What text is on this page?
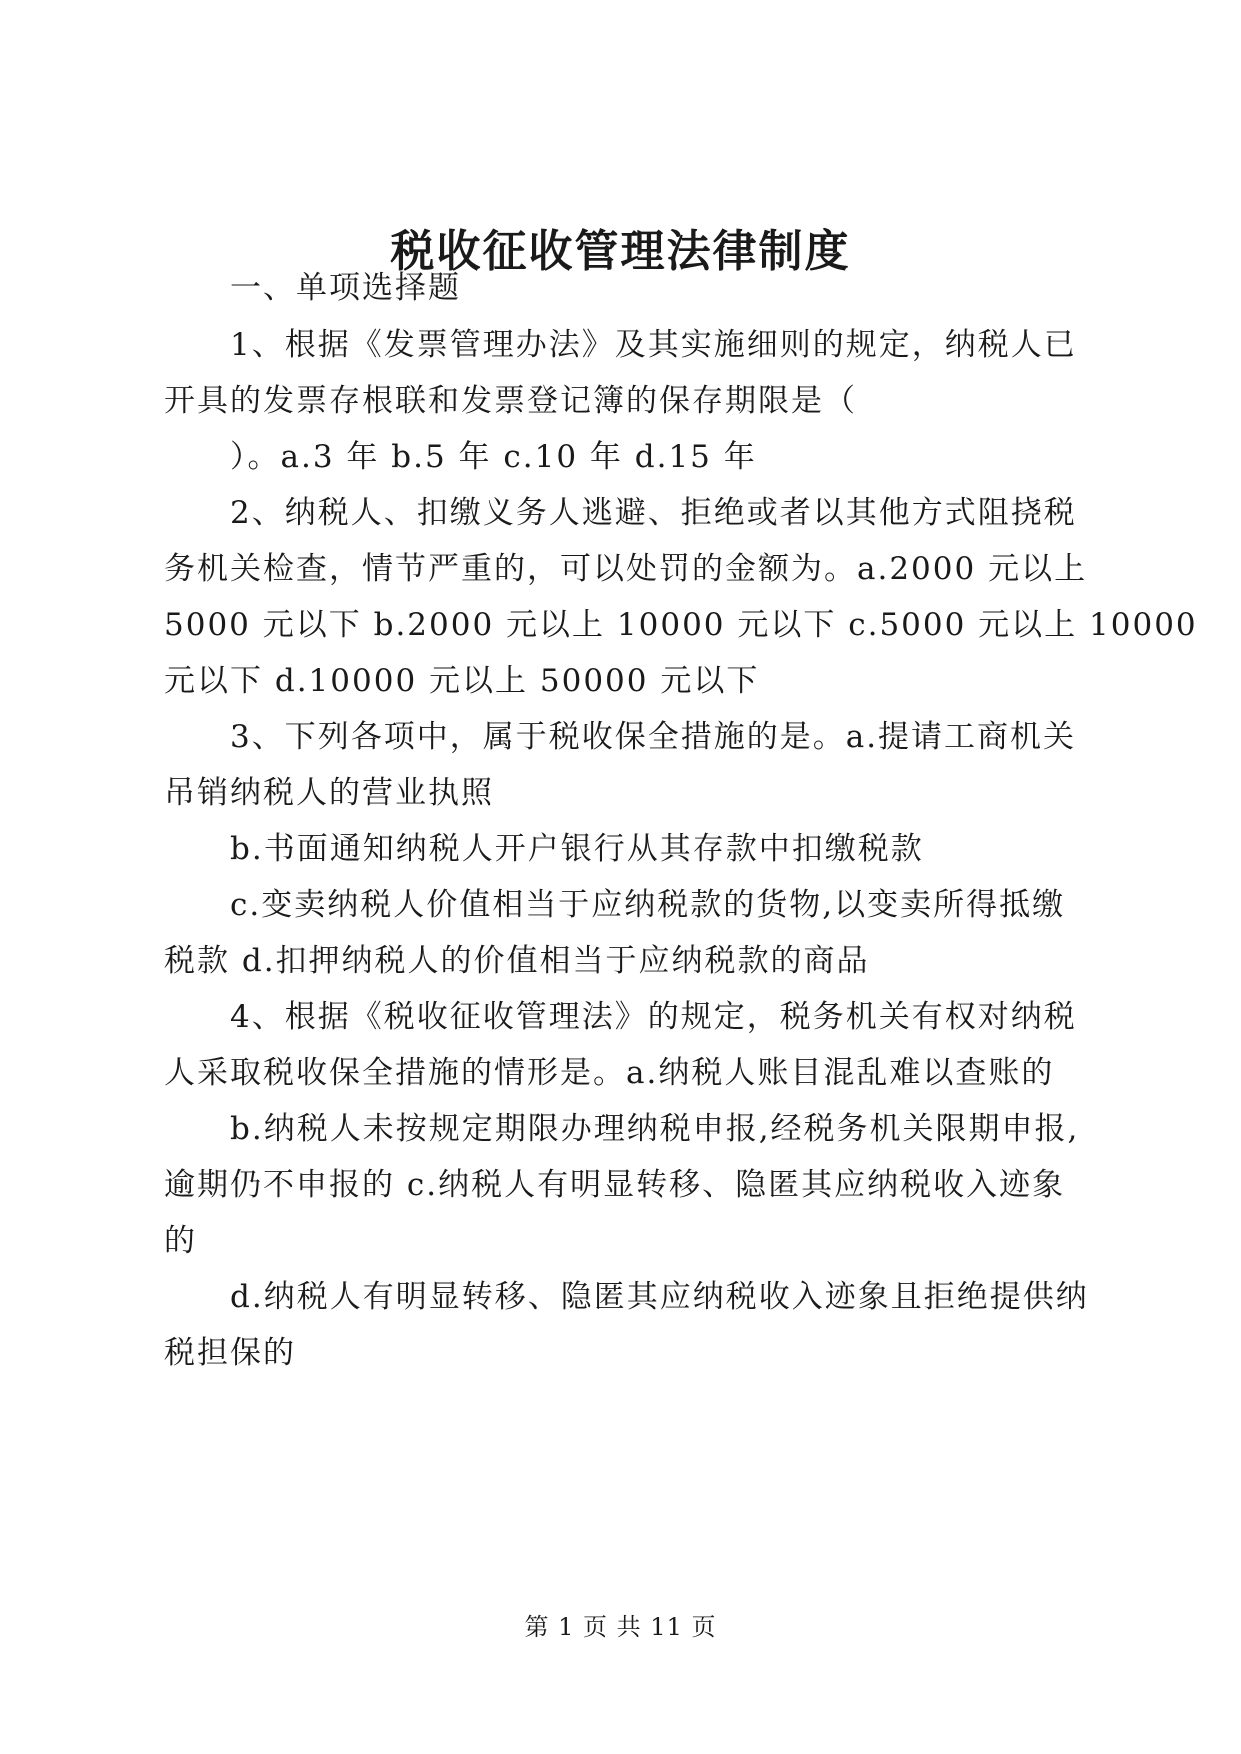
税收征收管理法律制度
一、单项选择题
1、根据《发票管理办法》及其实施细则的规定，纳税人已
开具的发票存根联和发票登记簿的保存期限是（
）。a.3 年 b.5 年 c.10 年 d.15 年
2、纳税人、扣缴义务人逃避、拒绝或者以其他方式阻挠税
务机关检查，情节严重的，可以处罚的金额为。a.2000 元以上
5000 元以下 b.2000 元以上 10000 元以下 c.5000 元以上 10000
元以下 d.10000 元以上 50000 元以下
3、下列各项中，属于税收保全措施的是。a.提请工商机关
吊销纳税人的营业执照
b.书面通知纳税人开户银行从其存款中扣缴税款
c.变卖纳税人价值相当于应纳税款的货物,以变卖所得抵缴
税款 d.扣押纳税人的价值相当于应纳税款的商品
4、根据《税收征收管理法》的规定，税务机关有权对纳税
人采取税收保全措施的情形是。a.纳税人账目混乱难以查账的
b.纳税人未按规定期限办理纳税申报,经税务机关限期申报,
逾期仍不申报的 c.纳税人有明显转移、隐匿其应纳税收入迹象
的
d.纳税人有明显转移、隐匿其应纳税收入迹象且拒绝提供纳
税担保的
第 1 页 共 11 页
